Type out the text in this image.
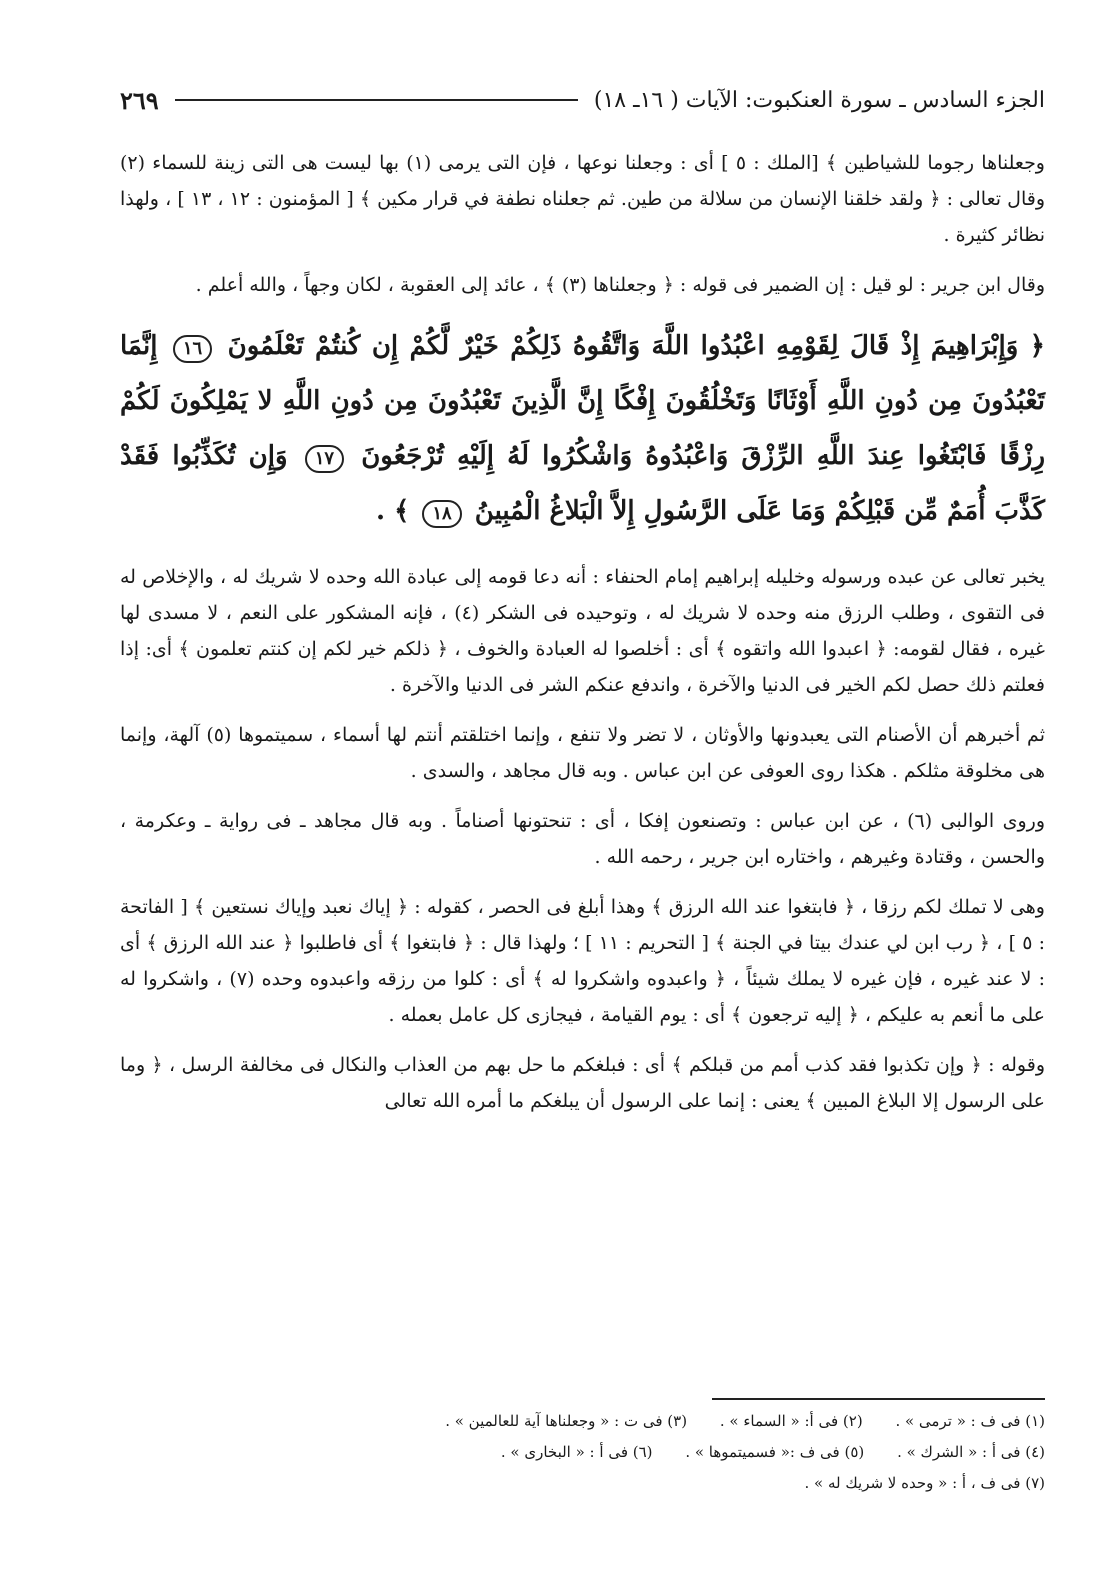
الجزء السادس ـ سورة العنكبوت: الآيات ( ١٦ـ ١٨)
٢٦٩

وجعلناها رجوما للشياطين ﴾ [الملك : ٥ ] أى : وجعلنا نوعها ، فإن التى يرمى (١) بها ليست هى التى زينة للسماء (٢) وقال تعالى : ﴿ ولقد خلقنا الإنسان من سلالة من طين. ثم جعلناه نطفة في قرار مكين ﴾ [ المؤمنون : ١٢ ، ١٣ ] ، ولهذا نظائر كثيرة .

وقال ابن جرير : لو قيل : إن الضمير فى قوله : ﴿ وجعلناها (٣) ﴾ ، عائد إلى العقوبة ، لكان وجهاً ، والله أعلم .

﴿ وَإِبْرَاهِيمَ إِذْ قَالَ لِقَوْمِهِ اعْبُدُوا اللَّهَ وَاتَّقُوهُ ذَلِكُمْ خَيْرٌ لَّكُمْ إِن كُنتُمْ تَعْلَمُونَ ١٦ إِنَّمَا تَعْبُدُونَ مِن دُونِ اللَّهِ أَوْثَانًا وَتَخْلُقُونَ إِفْكًا إِنَّ الَّذِينَ تَعْبُدُونَ مِن دُونِ اللَّهِ لا يَمْلِكُونَ لَكُمْ رِزْقًا فَابْتَغُوا عِندَ اللَّهِ الرِّزْقَ وَاعْبُدُوهُ وَاشْكُرُوا لَهُ إِلَيْهِ تُرْجَعُونَ ١٧ وَإِن تُكَذِّبُوا فَقَدْ كَذَّبَ أُمَمٌ مِّن قَبْلِكُمْ وَمَا عَلَى الرَّسُولِ إِلاَّ الْبَلاغُ الْمُبِينُ ١٨ ﴾ .

يخبر تعالى عن عبده ورسوله وخليله إبراهيم إمام الحنفاء : أنه دعا قومه إلى عبادة الله وحده لا شريك له ، والإخلاص له فى التقوى ، وطلب الرزق منه وحده لا شريك له ، وتوحيده فى الشكر (٤) ، فإنه المشكور على النعم ، لا مسدى لها غيره ، فقال لقومه: ﴿ اعبدوا الله واتقوه ﴾ أى : أخلصوا له العبادة والخوف ، ﴿ ذلكم خير لكم إن كنتم تعلمون ﴾ أى: إذا فعلتم ذلك حصل لكم الخير فى الدنيا والآخرة ، واندفع عنكم الشر فى الدنيا والآخرة .

ثم أخبرهم أن الأصنام التى يعبدونها والأوثان ، لا تضر ولا تنفع ، وإنما اختلقتم أنتم لها أسماء ، سميتموها (٥) آلهة، وإنما هى مخلوقة مثلكم . هكذا روى العوفى عن ابن عباس . وبه قال مجاهد ، والسدى .

وروى الوالبى (٦) ، عن ابن عباس : وتصنعون إفكا ، أى : تنحتونها أصناماً . وبه قال مجاهد ـ فى رواية ـ وعكرمة ، والحسن ، وقتادة وغيرهم ، واختاره ابن جرير ، رحمه الله .

وهى لا تملك لكم رزقا ، ﴿ فابتغوا عند الله الرزق ﴾ وهذا أبلغ فى الحصر ، كقوله : ﴿ إياك نعبد وإياك نستعين ﴾ [ الفاتحة : ٥ ] ، ﴿ رب ابن لي عندك بيتا في الجنة ﴾ [ التحريم : ١١ ] ؛ ولهذا قال : ﴿ فابتغوا ﴾ أى فاطلبوا ﴿ عند الله الرزق ﴾ أى : لا عند غيره ، فإن غيره لا يملك شيئاً ، ﴿ واعبدوه واشكروا له ﴾ أى : كلوا من رزقه واعبدوه وحده (٧) ، واشكروا له على ما أنعم به عليكم ، ﴿ إليه ترجعون ﴾ أى : يوم القيامة ، فيجازى كل عامل بعمله .

وقوله : ﴿ وإن تكذبوا فقد كذب أمم من قبلكم ﴾ أى : فبلغكم ما حل بهم من العذاب والنكال فى مخالفة الرسل ، ﴿ وما على الرسول إلا البلاغ المبين ﴾ يعنى : إنما على الرسول أن يبلغكم ما أمره الله تعالى

(١) فى ف : « ترمى » . (٢) فى أ: « السماء » . (٣) فى ت : « وجعلناها آية للعالمين » .
(٤) فى أ : « الشرك » . (٥) فى ف :« فسميتموها » . (٦) فى أ : « البخارى » .
(٧) فى ف ، أ : « وحده لا شريك له » .
